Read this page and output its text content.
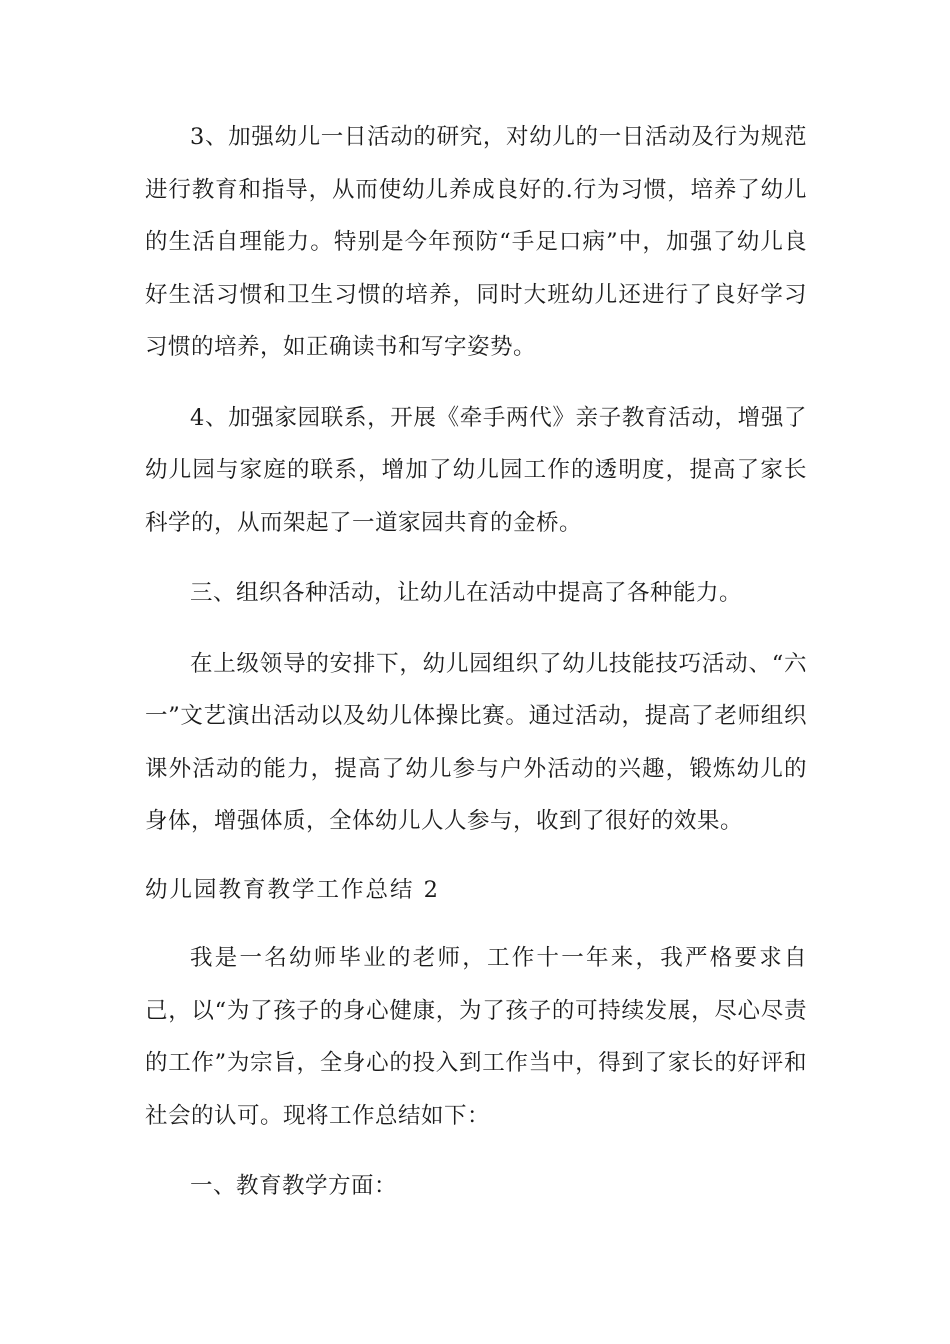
3、加强幼儿一日活动的研究，对幼儿的一日活动及行为规范进行教育和指导，从而使幼儿养成良好的.行为习惯，培养了幼儿的生活自理能力。特别是今年预防“手足口病”中，加强了幼儿良好生活习惯和卫生习惯的培养，同时大班幼儿还进行了良好学习习惯的培养，如正确读书和写字姿势。

4、加强家园联系，开展《牵手两代》亲子教育活动，增强了幼儿园与家庭的联系，增加了幼儿园工作的透明度，提高了家长科学的，从而架起了一道家园共育的金桥。

三、组织各种活动，让幼儿在活动中提高了各种能力。

在上级领导的安排下，幼儿园组织了幼儿技能技巧活动、“六一”文艺演出活动以及幼儿体操比赛。通过活动，提高了老师组织课外活动的能力，提高了幼儿参与户外活动的兴趣，锻炼幼儿的身体，增强体质，全体幼儿人人参与，收到了很好的效果。

幼儿园教育教学工作总结 2

我是一名幼师毕业的老师，工作十一年来，我严格要求自己，以“为了孩子的身心健康，为了孩子的可持续发展，尽心尽责的工作”为宗旨，全身心的投入到工作当中，得到了家长的好评和社会的认可。现将工作总结如下：

一、教育教学方面：
